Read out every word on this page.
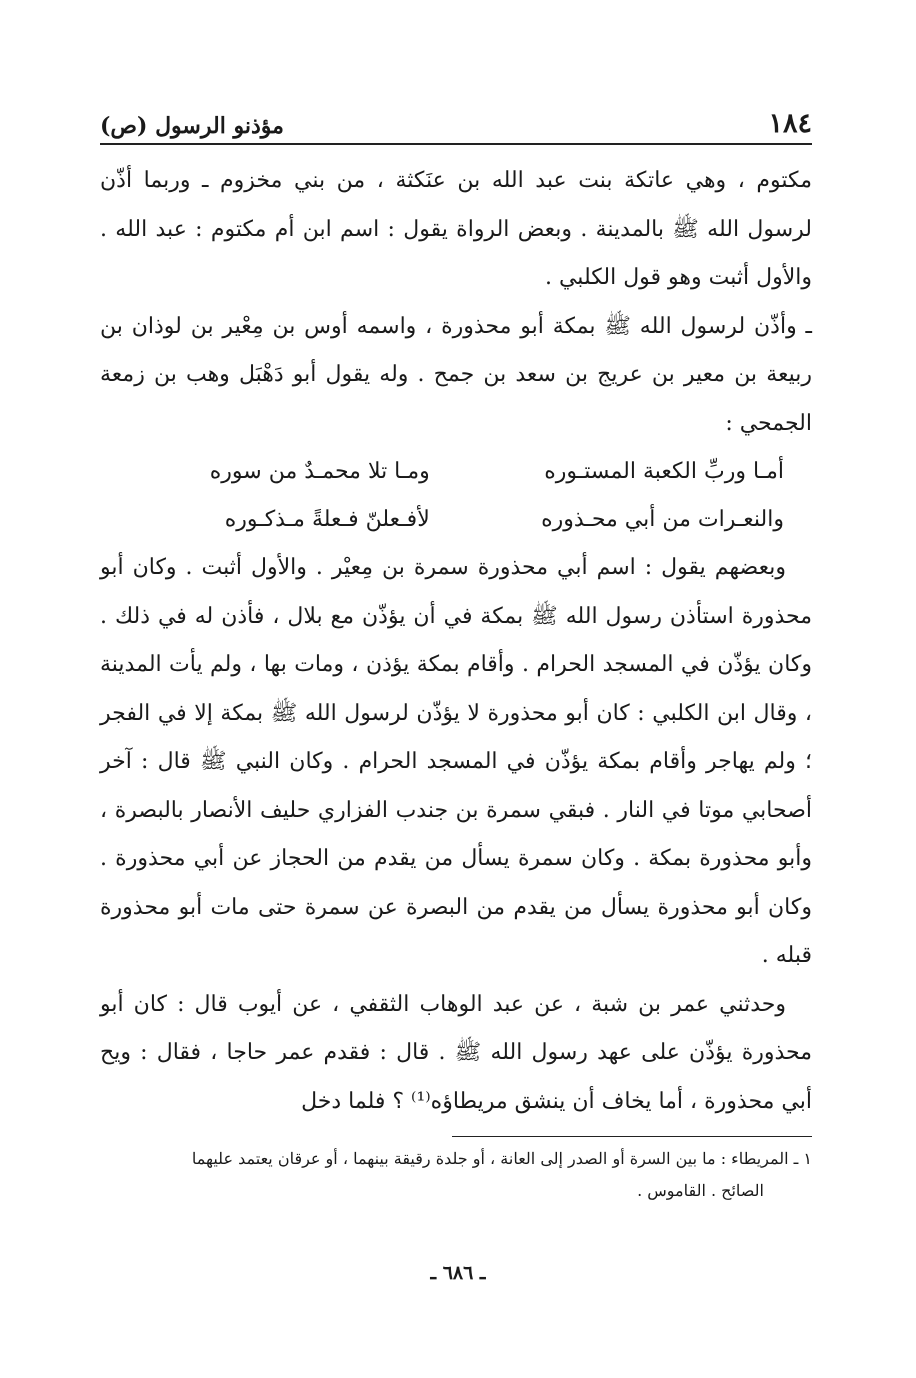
١٨٤
مؤذنو الرسول (ص)

مكتوم ، وهي عاتكة بنت عبد الله بن عنَكثة ، من بني مخزوم ـ وربما أذّن لرسول الله ﷺ بالمدينة . وبعض الرواة يقول : اسم ابن أم مكتوم : عبد الله . والأول أثبت وهو قول الكلبي .

ـ وأذّن لرسول الله ﷺ بمكة أبو محذورة ، واسمه أوس بن مِعْير بن لوذان بن ربيعة بن معير بن عريج بن سعد بن جمح . وله يقول أبو دَهْبَل وهب بن زمعة الجمحي :

أمـا وربِّ الكعبة المستـوره
ومـا تلا محمـدٌ من سوره
والنعـرات من أبي محـذوره
لأفـعلنّ فـعلةً مـذكـوره

وبعضهم يقول : اسم أبي محذورة سمرة بن مِعيْر . والأول أثبت . وكان أبو محذورة استأذن رسول الله ﷺ بمكة في أن يؤذّن مع بلال ، فأذن له في ذلك . وكان يؤذّن في المسجد الحرام . وأقام بمكة يؤذن ، ومات بها ، ولم يأت المدينة ، وقال ابن الكلبي : كان أبو محذورة لا يؤذّن لرسول الله ﷺ بمكة إلا في الفجر ؛ ولم يهاجر وأقام بمكة يؤذّن في المسجد الحرام . وكان النبي ﷺ قال : آخر أصحابي موتا في النار . فبقي سمرة بن جندب الفزاري حليف الأنصار بالبصرة ، وأبو محذورة بمكة . وكان سمرة يسأل من يقدم من الحجاز عن أبي محذورة . وكان أبو محذورة يسأل من يقدم من البصرة عن سمرة حتى مات أبو محذورة قبله .

وحدثني عمر بن شبة ، عن عبد الوهاب الثقفي ، عن أيوب قال : كان أبو محذورة يؤذّن على عهد رسول الله ﷺ . قال : فقدم عمر حاجا ، فقال : ويح أبي محذورة ، أما يخاف أن ينشق مريطاؤه⁽¹⁾ ؟ فلما دخل

١ ـ المريطاء : ما بين السرة أو الصدر إلى العانة ، أو جلدة رقيقة بينهما ، أو عرقان يعتمد عليهما
الصائح . القاموس .
ـ ٦٨٦ ـ
